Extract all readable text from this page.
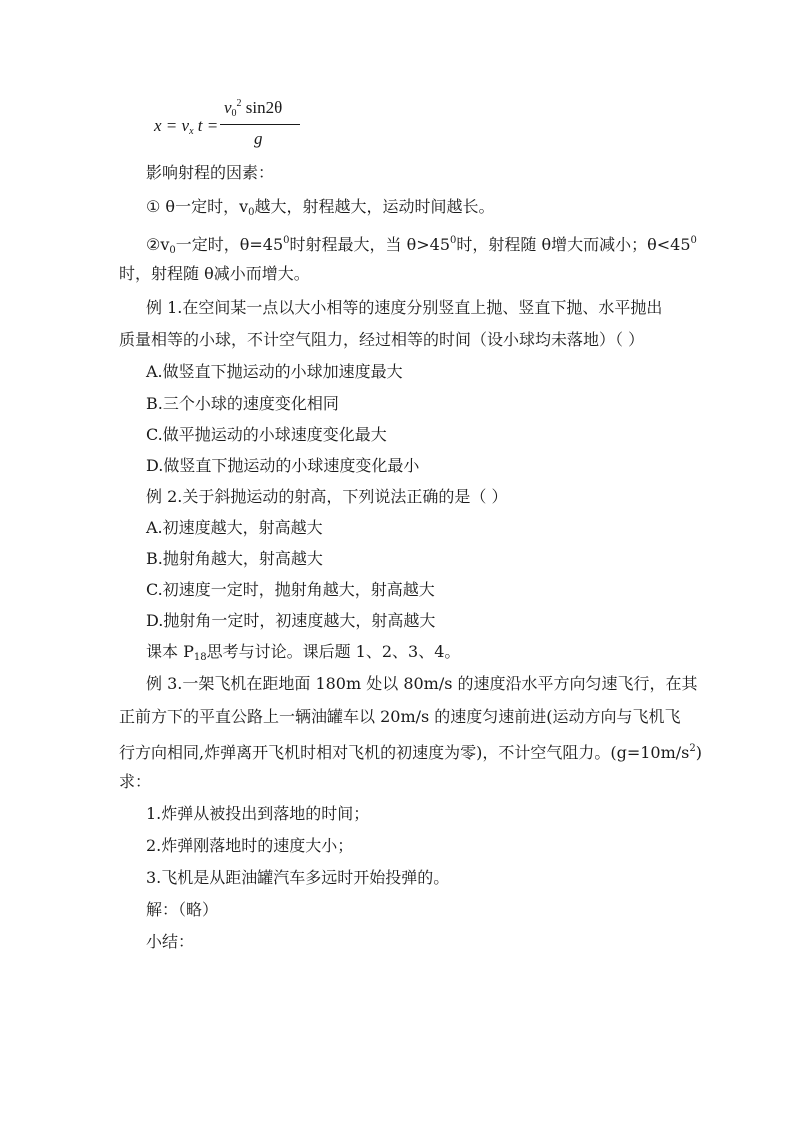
$x = v_x$ t =
$v_0^2$ sin2θ
g
影响射程的因素：
① θ一定时，$v_0$越大，射程越大，运动时间越长。
$②v_0$一定时，$\theta=45^0$时射程最大，当 $\theta>45^0$时，射程随 θ增大而减小；$\theta<45^0$
时，射程随 θ减小而增大。
例 1.在空间某一点以大小相等的速度分别竖直上抛、竖直下抛、水平抛出
质量相等的小球，不计空气阻力，经过相等的时间（设小球均未落地）（ ）
A.做竖直下抛运动的小球加速度最大
B.三个小球的速度变化相同
C.做平抛运动的小球速度变化最大
D.做竖直下抛运动的小球速度变化最小
例 2.关于斜抛运动的射高，下列说法正确的是（ ）
A.初速度越大，射高越大
B.抛射角越大，射高越大
C.初速度一定时，抛射角越大，射高越大
D.抛射角一定时，初速度越大，射高越大
课本 $P_{18}$思考与讨论。课后题 1、2、3、4。
例 3.一架飞机在距地面 180m 处以 80m/s 的速度沿水平方向匀速飞行，在其
正前方下的平直公路上一辆油罐车以 20m/s 的速度匀速前进(运动方向与飞机飞
行方向相同,炸弹离开飞机时相对飞机的初速度为零)，不计空气阻力。$(g=10m/s^2)$
求：
1.炸弹从被投出到落地的时间；
2.炸弹刚落地时的速度大小；
3.飞机是从距油罐汽车多远时开始投弹的。
解：（略）
小结：
